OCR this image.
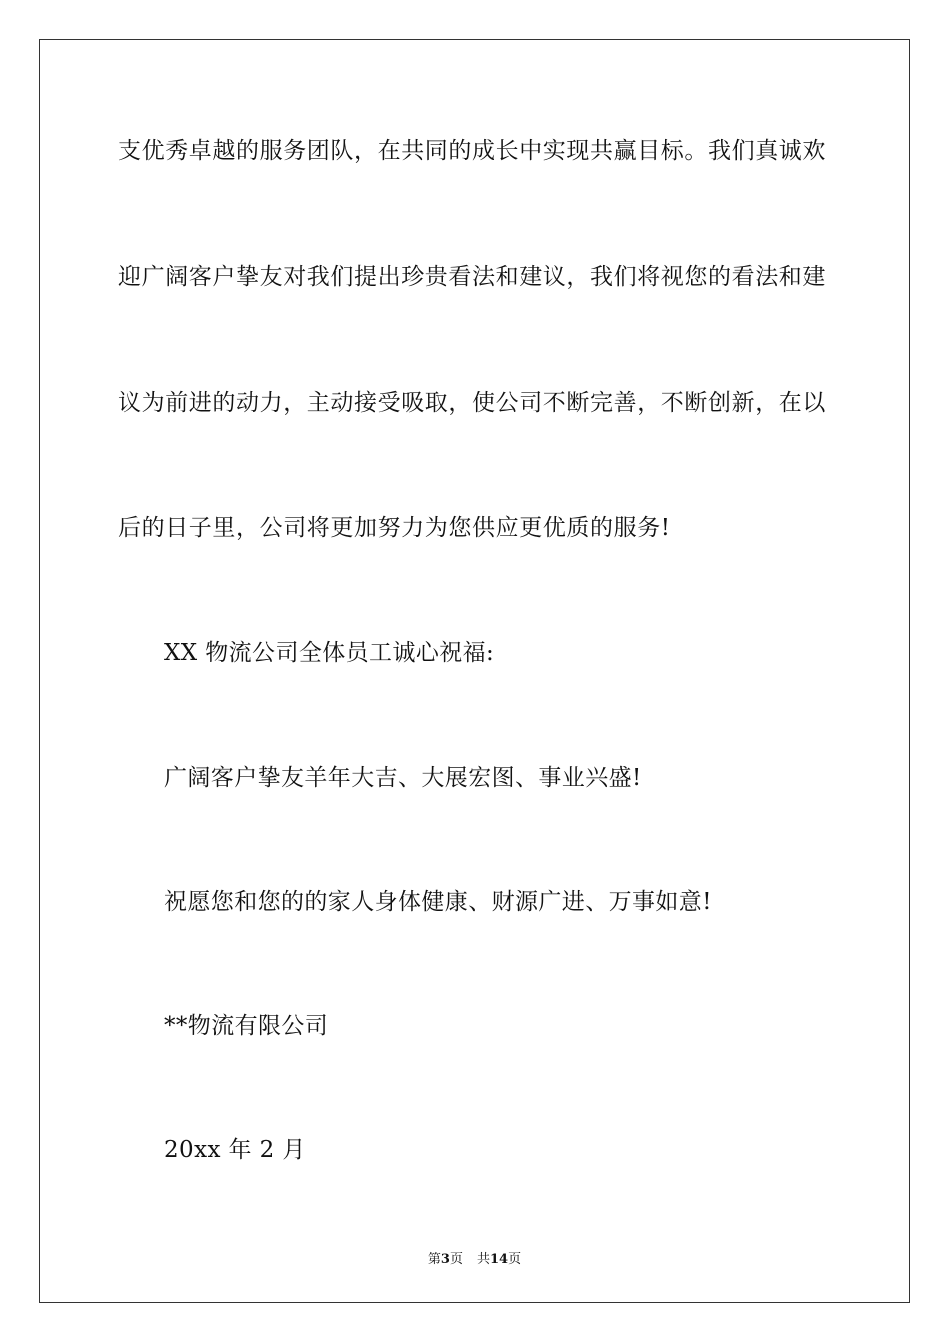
支优秀卓越的服务团队，在共同的成长中实现共赢目标。我们真诚欢

迎广阔客户挚友对我们提出珍贵看法和建议，我们将视您的看法和建

议为前进的动力，主动接受吸取，使公司不断完善，不断创新，在以

后的日子里，公司将更加努力为您供应更优质的服务!

XX 物流公司全体员工诚心祝福:

广阔客户挚友羊年大吉、大展宏图、事业兴盛!

祝愿您和您的的家人身体健康、财源广进、万事如意!

**物流有限公司

20xx 年 2 月

第3页 共14页
